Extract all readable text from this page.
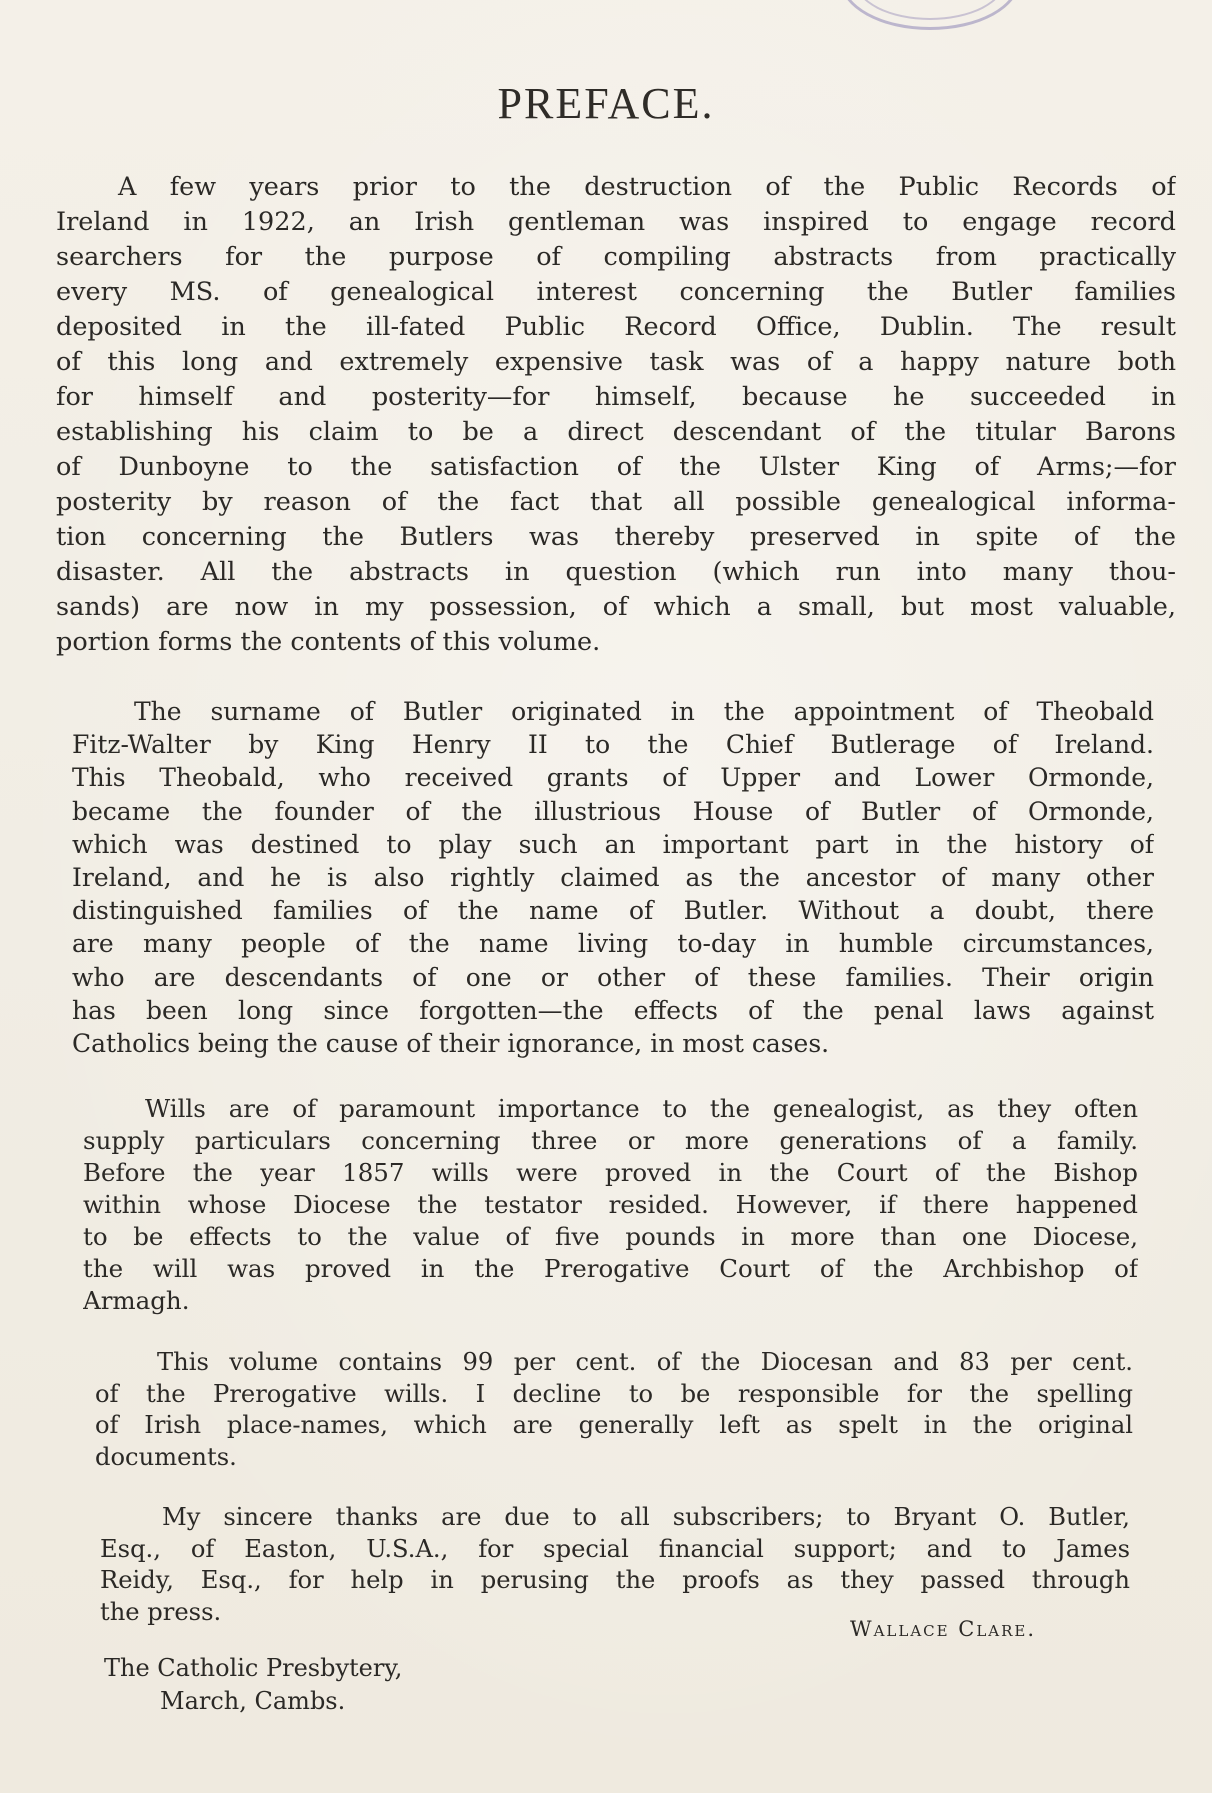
PREFACE.
A few years prior to the destruction of the Public Records of
Ireland in 1922, an Irish gentleman was inspired to engage record
searchers for the purpose of compiling abstracts from practically
every MS. of genealogical interest concerning the Butler families
deposited in the ill-fated Public Record Office, Dublin. The result
of this long and extremely expensive task was of a happy nature both
for himself and posterity—for himself, because he succeeded in
establishing his claim to be a direct descendant of the titular Barons
of Dunboyne to the satisfaction of the Ulster King of Arms;—for
posterity by reason of the fact that all possible genealogical informa-
tion concerning the Butlers was thereby preserved in spite of the
disaster. All the abstracts in question (which run into many thou-
sands) are now in my possession, of which a small, but most valuable,
portion forms the contents of this volume.
The surname of Butler originated in the appointment of Theobald
Fitz-Walter by King Henry II to the Chief Butlerage of Ireland.
This Theobald, who received grants of Upper and Lower Ormonde,
became the founder of the illustrious House of Butler of Ormonde,
which was destined to play such an important part in the history of
Ireland, and he is also rightly claimed as the ancestor of many other
distinguished families of the name of Butler. Without a doubt, there
are many people of the name living to-day in humble circumstances,
who are descendants of one or other of these families. Their origin
has been long since forgotten—the effects of the penal laws against
Catholics being the cause of their ignorance, in most cases.
Wills are of paramount importance to the genealogist, as they often
supply particulars concerning three or more generations of a family.
Before the year 1857 wills were proved in the Court of the Bishop
within whose Diocese the testator resided. However, if there happened
to be effects to the value of five pounds in more than one Diocese,
the will was proved in the Prerogative Court of the Archbishop of
Armagh.
This volume contains 99 per cent. of the Diocesan and 83 per cent.
of the Prerogative wills. I decline to be responsible for the spelling
of Irish place-names, which are generally left as spelt in the original
documents.
My sincere thanks are due to all subscribers; to Bryant O. Butler,
Esq., of Easton, U.S.A., for special financial support; and to James
Reidy, Esq., for help in perusing the proofs as they passed through
the press.
Wallace Clare.
The Catholic Presbytery,
March, Cambs.
